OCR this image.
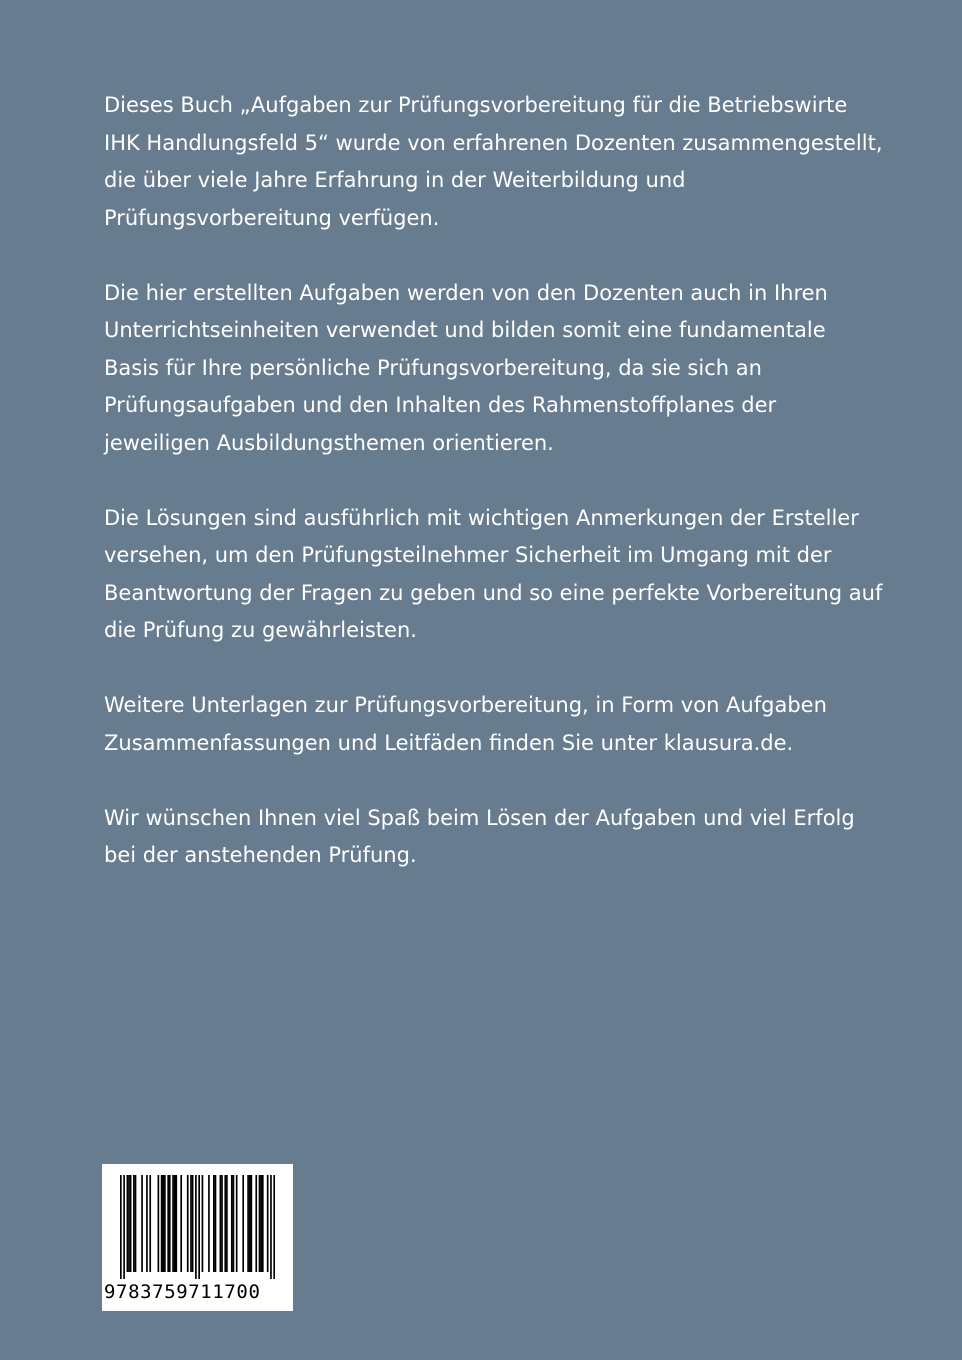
Dieses Buch „Aufgaben zur Prüfungsvorbereitung für die Betriebswirte
IHK Handlungsfeld 5“ wurde von erfahrenen Dozenten zusammengestellt,
die über viele Jahre Erfahrung in der Weiterbildung und
Prüfungsvorbereitung verfügen.

Die hier erstellten Aufgaben werden von den Dozenten auch in Ihren
Unterrichtseinheiten verwendet und bilden somit eine fundamentale
Basis für Ihre persönliche Prüfungsvorbereitung, da sie sich an
Prüfungsaufgaben und den Inhalten des Rahmenstoffplanes der
jeweiligen Ausbildungsthemen orientieren.

Die Lösungen sind ausführlich mit wichtigen Anmerkungen der Ersteller
versehen, um den Prüfungsteilnehmer Sicherheit im Umgang mit der
Beantwortung der Fragen zu geben und so eine perfekte Vorbereitung auf
die Prüfung zu gewährleisten.

Weitere Unterlagen zur Prüfungsvorbereitung, in Form von Aufgaben
Zusammenfassungen und Leitfäden finden Sie unter klausura.de.

Wir wünschen Ihnen viel Spaß beim Lösen der Aufgaben und viel Erfolg
bei der anstehenden Prüfung.

9783759711700
